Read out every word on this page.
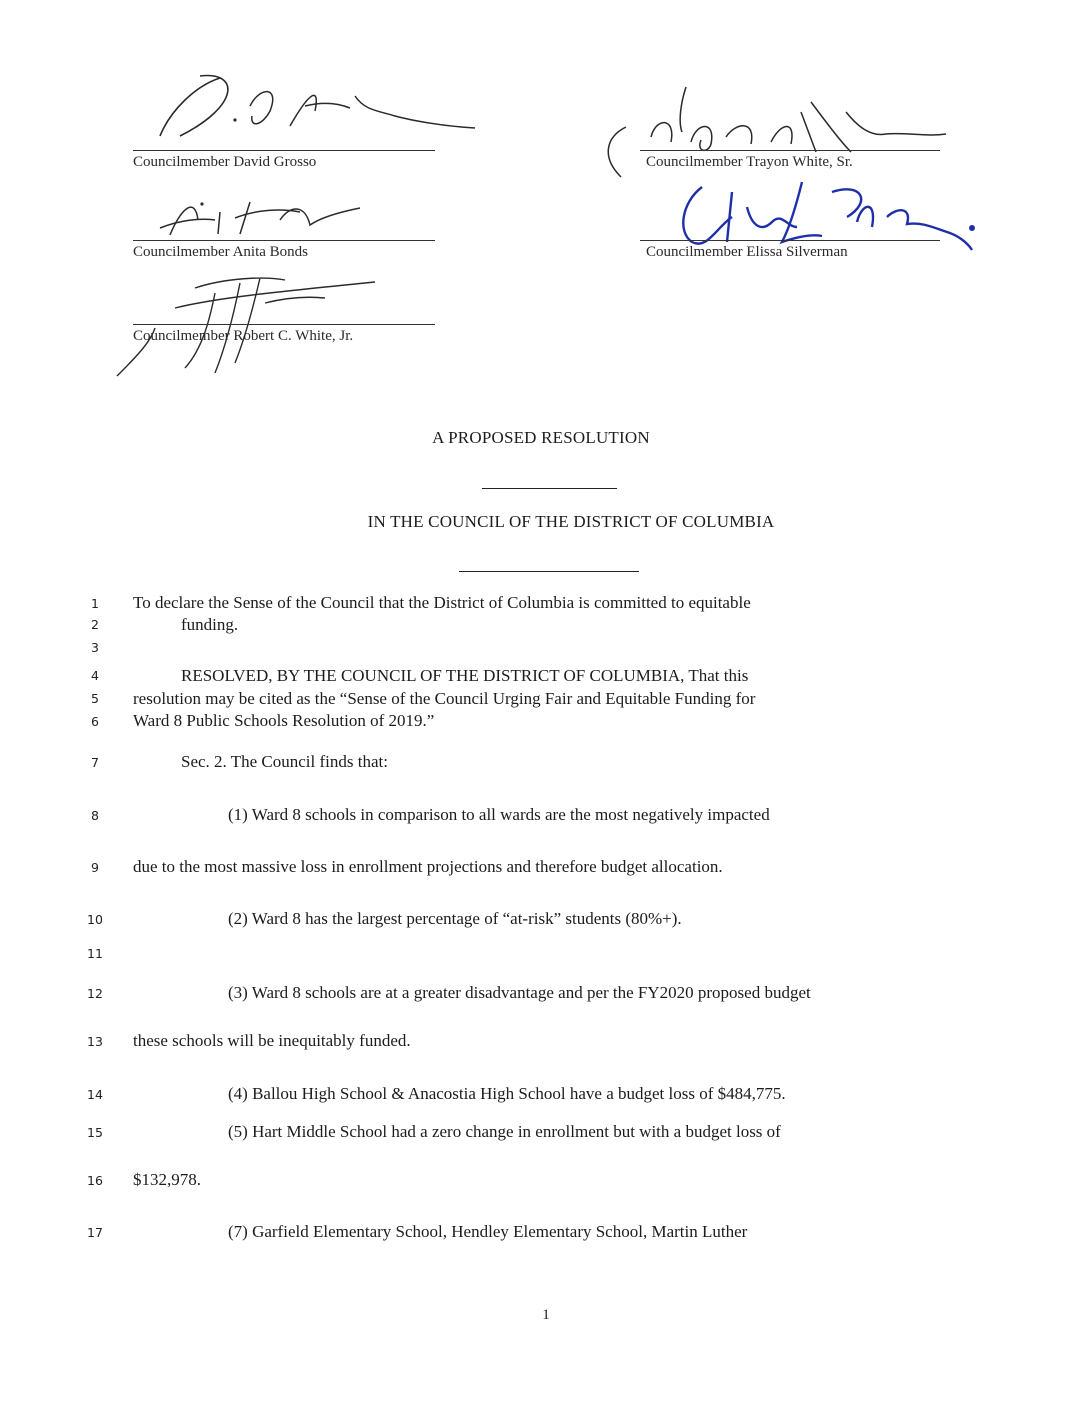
Councilmember David Grosso
Councilmember Anita Bonds
Councilmember Robert C. White, Jr.
Councilmember Trayon White, Sr.
Councilmember Elissa Silverman
A PROPOSED RESOLUTION
IN THE COUNCIL OF THE DISTRICT OF COLUMBIA
1	To declare the Sense of the Council that the District of Columbia is committed to equitable
2	funding.
3
4	RESOLVED, BY THE COUNCIL OF THE DISTRICT OF COLUMBIA, That this
5	resolution may be cited as the “Sense of the Council Urging Fair and Equitable Funding for
6	Ward 8 Public Schools Resolution of 2019.”
7	Sec. 2. The Council finds that:
8	(1) Ward 8 schools in comparison to all wards are the most negatively impacted
9	due to the most massive loss in enrollment projections and therefore budget allocation.
10	(2) Ward 8 has the largest percentage of “at-risk” students (80%+).
11
12	(3) Ward 8 schools are at a greater disadvantage and per the FY2020 proposed budget
13	these schools will be inequitably funded.
14	(4) Ballou High School & Anacostia High School have a budget loss of $484,775.
15	(5) Hart Middle School had a zero change in enrollment but with a budget loss of
16	$132,978.
17	(7) Garfield Elementary School, Hendley Elementary School, Martin Luther
1
